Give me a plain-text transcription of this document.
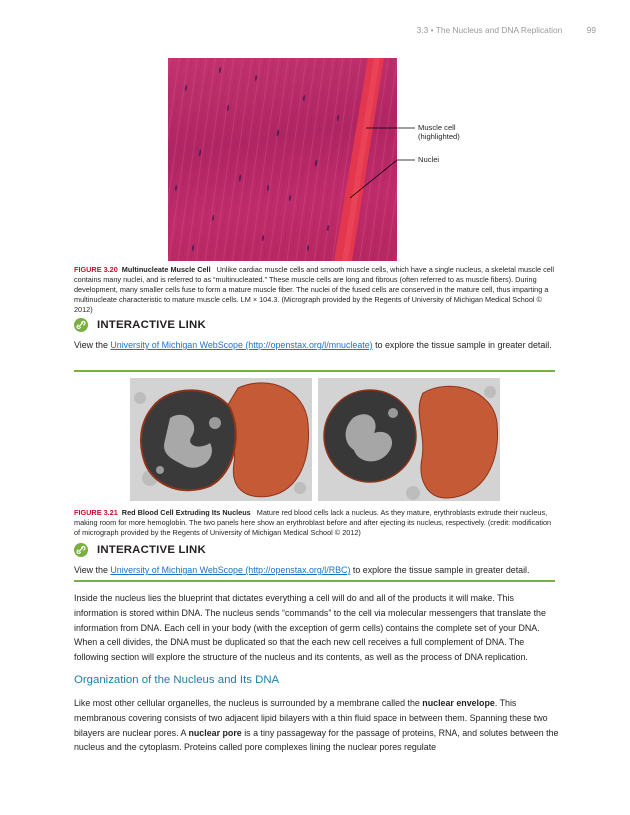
3.3 • The Nucleus and DNA Replication	99
Muscle cell
(highlighted)
Nuclei
FIGURE 3.20 Multinucleate Muscle Cell Unlike cardiac muscle cells and smooth muscle cells, which have a single nucleus, a skeletal muscle cell contains many nuclei, and is referred to as “multinucleated.” These muscle cells are long and fibrous (often referred to as muscle fibers). During development, many smaller cells fuse to form a mature muscle fiber. The nuclei of the fused cells are conserved in the mature cell, thus imparting a multinucleate characteristic to mature muscle cells. LM × 104.3. (Micrograph provided by the Regents of University of Michigan Medical School © 2012)
INTERACTIVE LINK
View the University of Michigan WebScope (http://openstax.org/l/mnucleate) to explore the tissue sample in greater detail.
FIGURE 3.21 Red Blood Cell Extruding Its Nucleus Mature red blood cells lack a nucleus. As they mature, erythroblasts extrude their nucleus, making room for more hemoglobin. The two panels here show an erythroblast before and after ejecting its nucleus, respectively. (credit: modification of micrograph provided by the Regents of University of Michigan Medical School © 2012)
INTERACTIVE LINK
View the University of Michigan WebScope (http://openstax.org/l/RBC) to explore the tissue sample in greater detail.
Inside the nucleus lies the blueprint that dictates everything a cell will do and all of the products it will make. This information is stored within DNA. The nucleus sends “commands” to the cell via molecular messengers that translate the information from DNA. Each cell in your body (with the exception of germ cells) contains the complete set of your DNA. When a cell divides, the DNA must be duplicated so that the each new cell receives a full complement of DNA. The following section will explore the structure of the nucleus and its contents, as well as the process of DNA replication.
Organization of the Nucleus and Its DNA
Like most other cellular organelles, the nucleus is surrounded by a membrane called the nuclear envelope. This membranous covering consists of two adjacent lipid bilayers with a thin fluid space in between them. Spanning these two bilayers are nuclear pores. A nuclear pore is a tiny passageway for the passage of proteins, RNA, and solutes between the nucleus and the cytoplasm. Proteins called pore complexes lining the nuclear pores regulate
